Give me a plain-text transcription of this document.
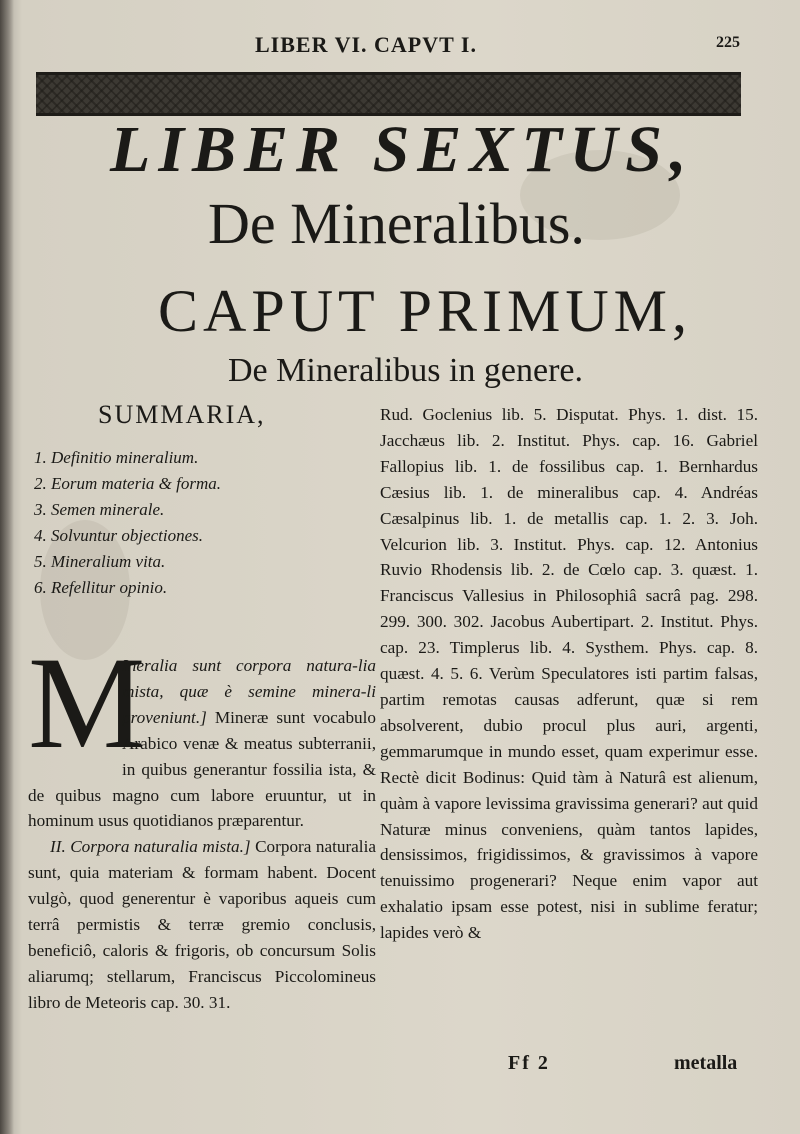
LIBER VI. CAPVT I.	225
LIBER SEXTUS,
De Mineralibus.
CAPUT PRIMUM,
De Mineralibus in genere.
SUMMARIA,
1. Definitio mineralium.
2. Eorum materia & forma.
3. Semen minerale.
4. Solvuntur objectiones.
5. Mineralium vita.
6. Refellitur opinio.
M

Ineralia sunt corpora natura-lia mista, quæ è semine minera-li proveniunt.] Mineræ sunt vocabulo Arabico venæ & meatus subterranii, in quibus generantur fossilia ista, & de quibus magno cum labore eruuntur, ut in hominum usus quotidianos præparentur.

II. Corpora naturalia mista.] Corpora naturalia sunt, quia materiam & formam habent. Docent vulgò, quod generentur è vaporibus aqueis cum terrâ permistis & terræ gremio conclusis, beneficiô, caloris & frigoris, ob concursum Solis aliarumq; stellarum, Franciscus Piccolominеus libro de Meteoris cap. 30. 31.

Rud. Goclenius lib. 5. Disputat. Phys. 1. dist. 15. Jacchæus lib. 2. Institut. Phys. cap. 16. Gabriel Fallopius lib. 1. de fossilibus cap. 1. Bernhardus Cæsius lib. 1. de mineralibus cap. 4. Andréas Cæsalpinus lib. 1. de metallis cap. 1. 2. 3. Joh. Velcurion lib. 3. Institut. Phys. cap. 12. Antonius Ruvio Rhodensis lib. 2. de Cœlo cap. 3. quæst. 1. Franciscus Vallesius in Philosophiâ sacrâ pag. 298. 299. 300. 302. Jacobus Aubertipart. 2. Institut. Phys. cap. 23. Timplerus lib. 4. Systhem. Phys. cap. 8. quæst. 4. 5. 6. Verùm Speculatores isti partim falsas, partim remotas causas adferunt, quæ si rem absolverent, dubio procul plus auri, argenti, gemmarumque in mundo esset, quam experimur esse. Rectè dicit Bodinus: Quid tàm à Naturâ est alienum, quàm à vapore levissima gravissima generari? aut quid Naturæ minus conveniens, quàm tantos lapides, densissimos, frigidissimos, & gravissimos à vapore tenuissimo progenerari? Neque enim vapor aut exhalatio ipsam esse potest, nisi in sublime feratur; lapides verò &

Ff 2	metalla
